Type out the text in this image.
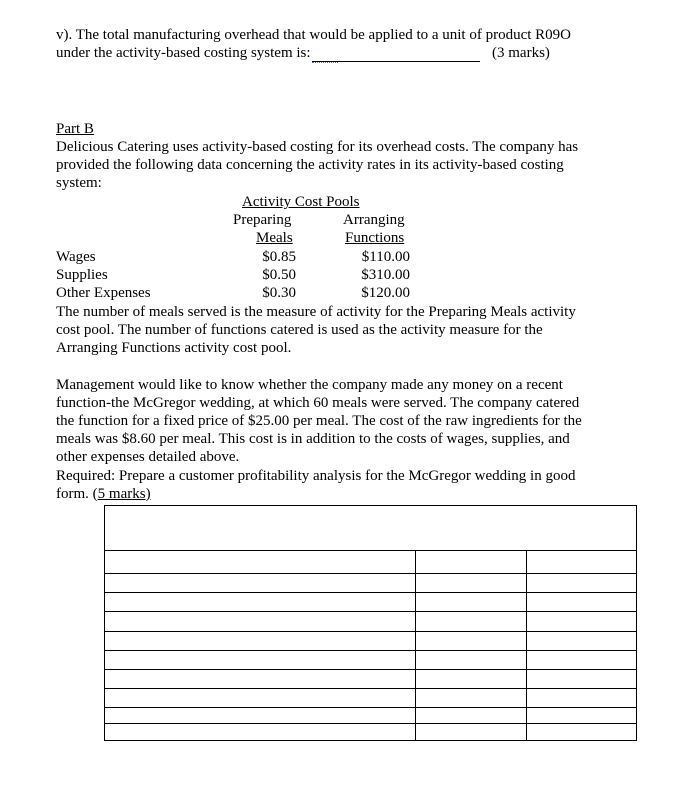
v). The total manufacturing overhead that would be applied to a unit of product R09O
under the activity-based costing system is:	(3 marks)
Part B
Delicious Catering uses activity-based costing for its overhead costs. The company has
provided the following data concerning the activity rates in its activity-based costing
system:
Activity Cost Pools
Preparing	Arranging
Meals	Functions
Wages	$0.85	$110.00
Supplies	$0.50	$310.00
Other Expenses	$0.30	$120.00
The number of meals served is the measure of activity for the Preparing Meals activity
cost pool. The number of functions catered is used as the activity measure for the
Arranging Functions activity cost pool.
Management would like to know whether the company made any money on a recent
function-the McGregor wedding, at which 60 meals were served. The company catered
the function for a fixed price of $25.00 per meal. The cost of the raw ingredients for the
meals was $8.60 per meal. This cost is in addition to the costs of wages, supplies, and
other expenses detailed above.
Required: Prepare a customer profitability analysis for the McGregor wedding in good
form. (5 marks)
